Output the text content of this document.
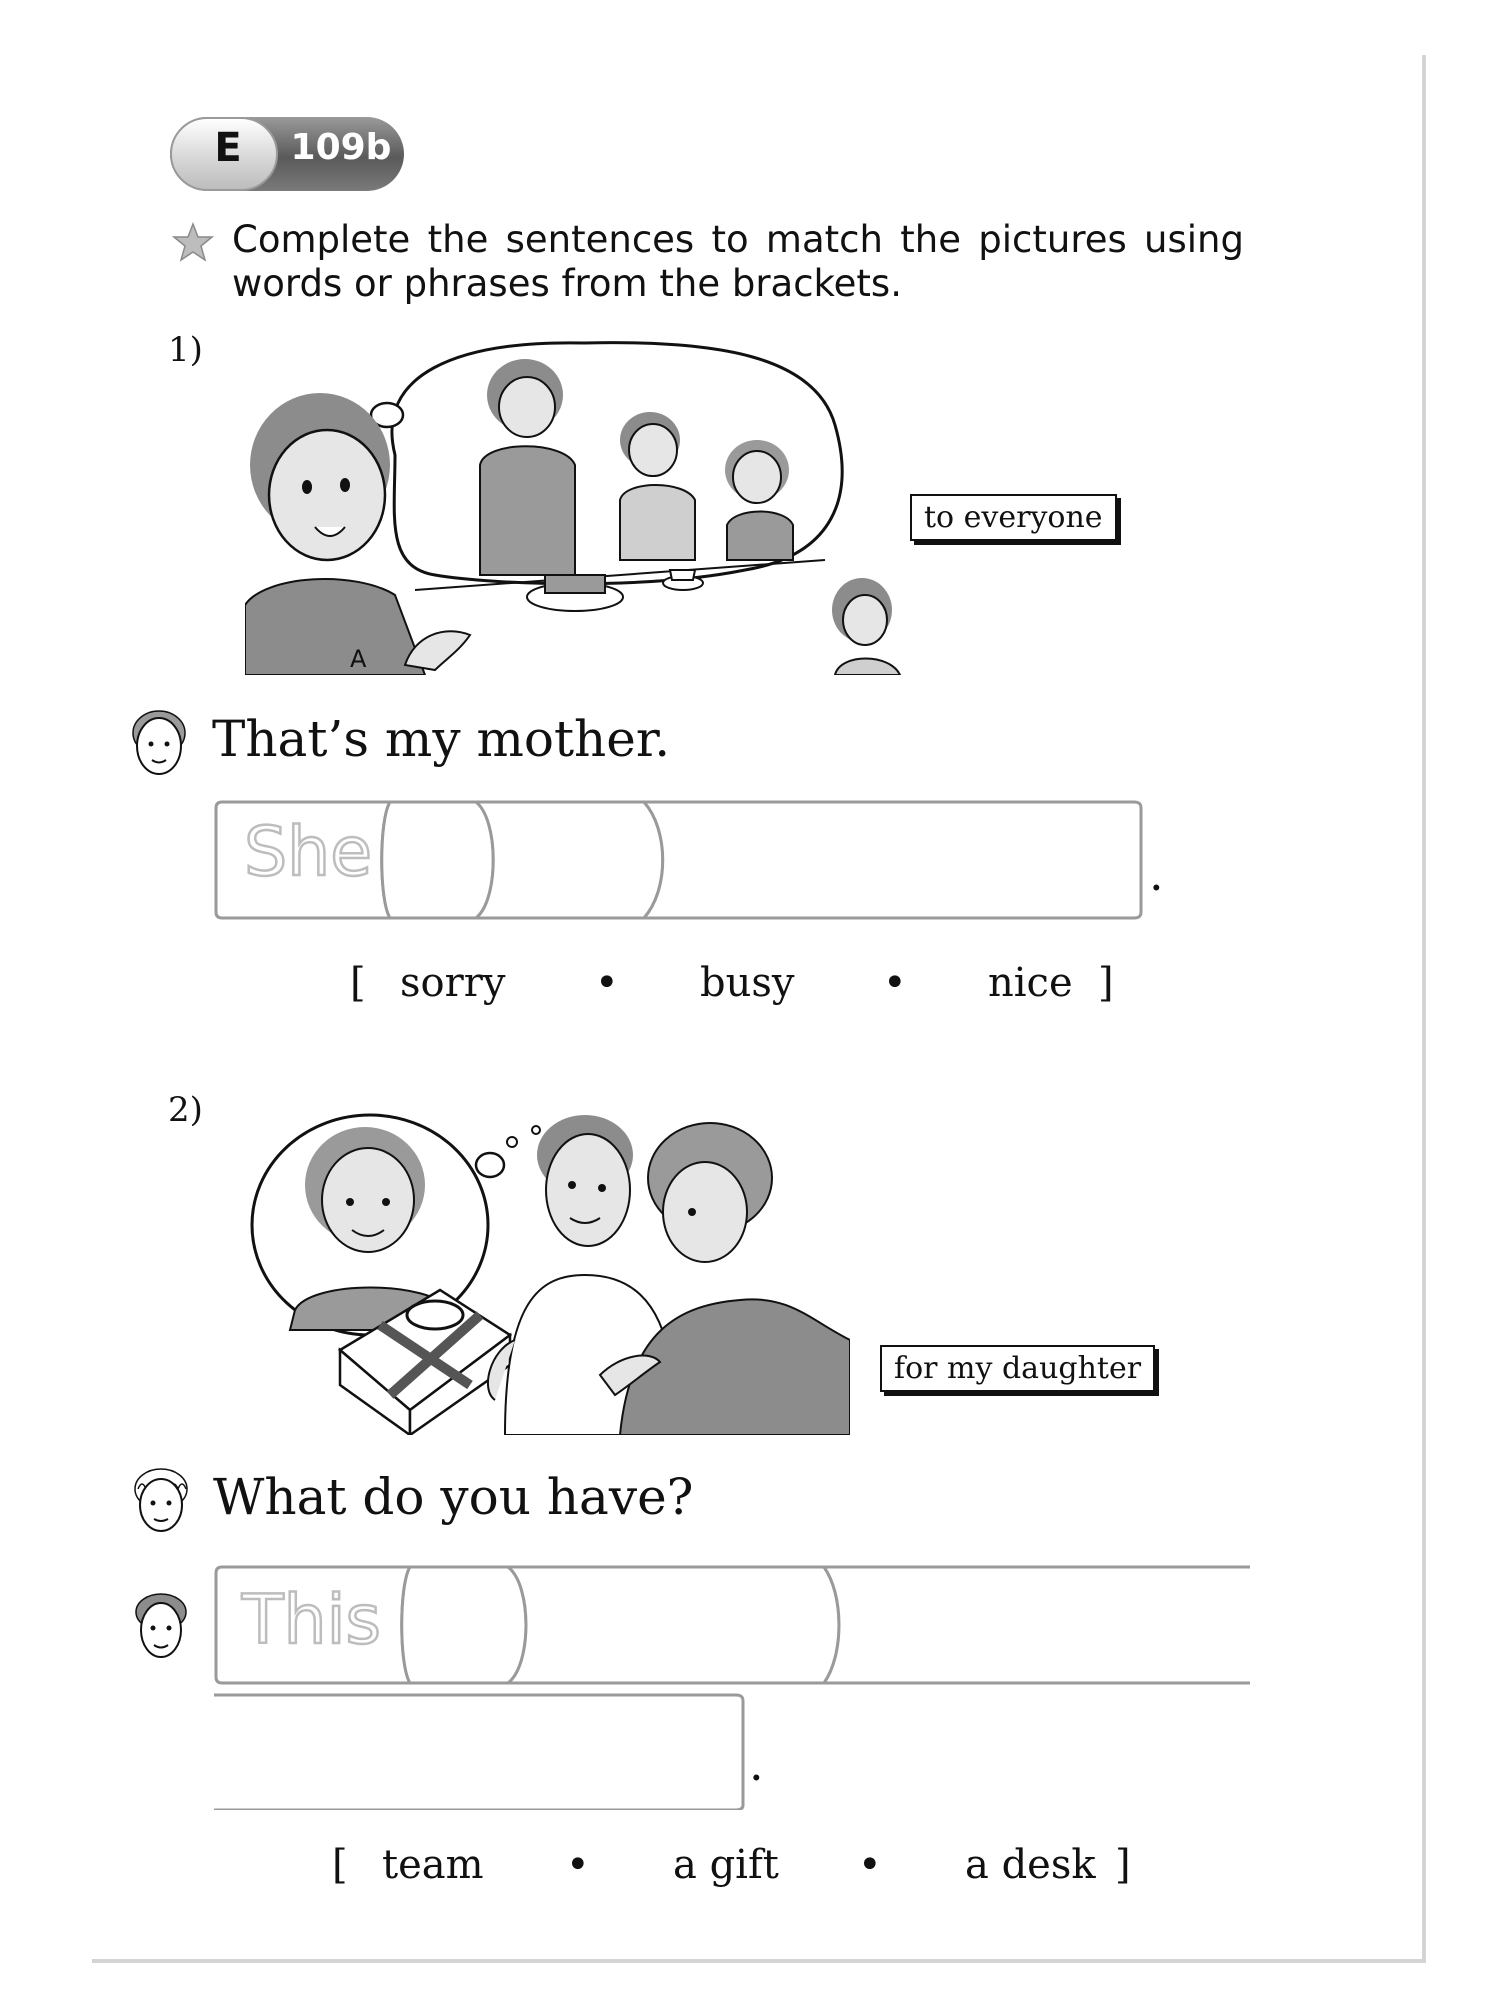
E 109b
Complete the sentences to match the pictures using words or phrases from the brackets.
1)
A
to everyone
That’s my mother.
She	.
[ sorry • busy • nice ]
2)
for my daughter
What do you have?
This
.
[ team • a gift • a desk ]
